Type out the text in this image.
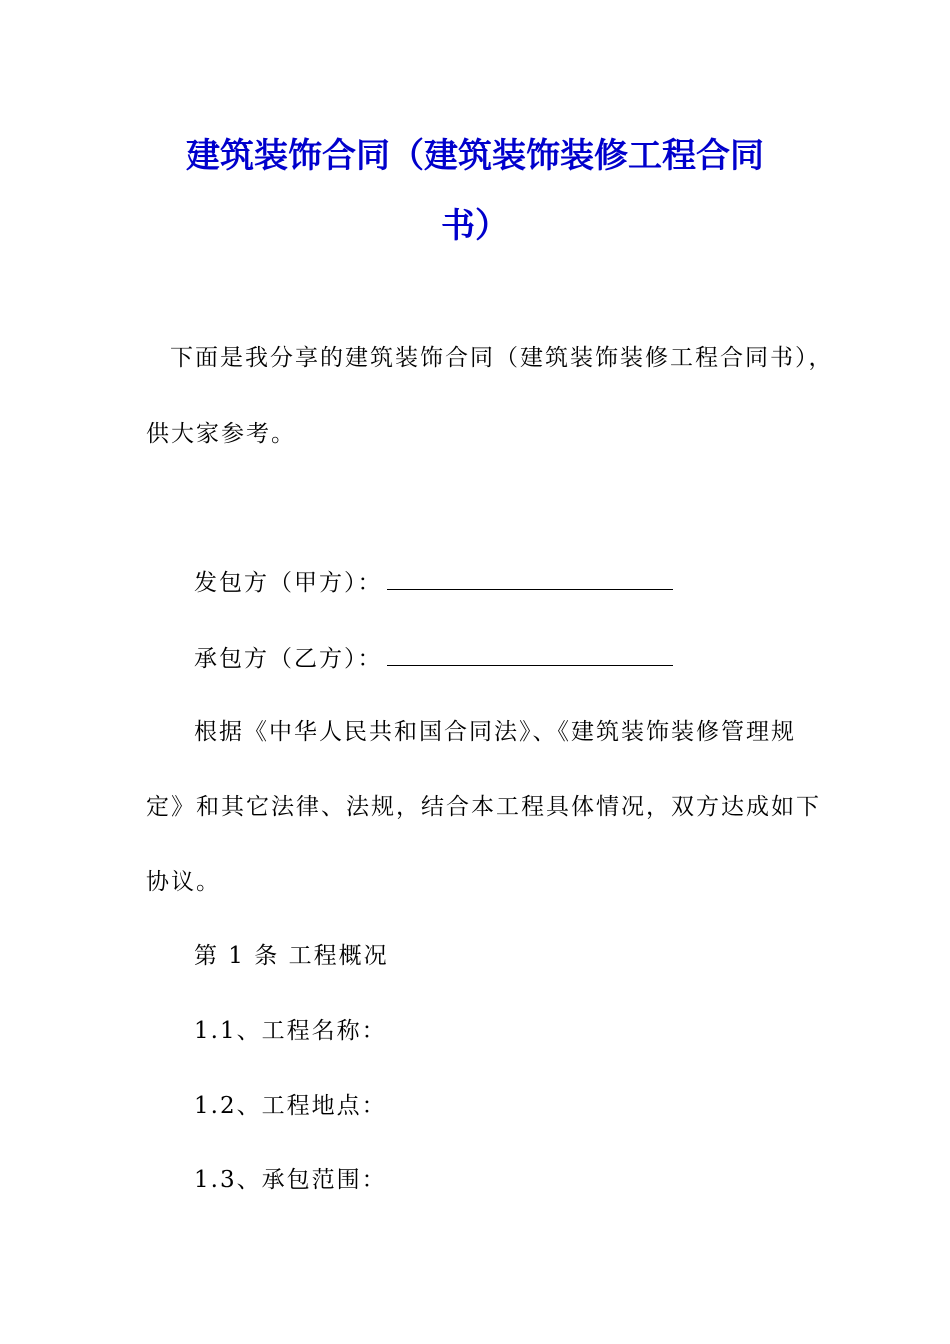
建筑装饰合同（建筑装饰装修工程合同
书）

下面是我分享的建筑装饰合同（建筑装饰装修工程合同书），

供大家参考。

发包方（甲方）：

承包方（乙方）：

根据《中华人民共和国合同法》、《建筑装饰装修管理规

定》和其它法律、法规，结合本工程具体情况，双方达成如下

协议。

第 1 条 工程概况

1.1、工程名称：

1.2、工程地点：

1.3、承包范围：
